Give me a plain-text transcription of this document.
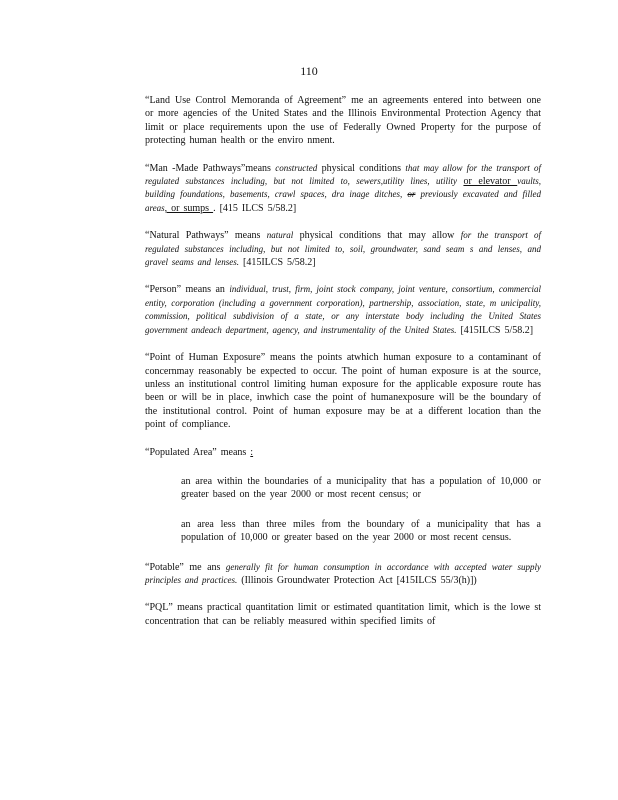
110

“Land Use Control Memoranda of Agreement” me an agreements entered into between one or more agencies of the United States and the Illinois Environmental Protection Agency that limit or place requirements upon the use of Federally Owned Property for the purpose of protecting human health or the enviro nment.

“Man -Made Pathways”means constructed physical conditions that may allow for the transport of regulated substances including, but not limited to, sewers,utility lines, utility or elevator vaults, building foundations, basements, crawl spaces, dra inage ditches, or previously excavated and filled areas, or sumps . [415 ILCS 5/58.2]

“Natural Pathways” means natural physical conditions that may allow for the transport of regulated substances including, but not limited to, soil, groundwater, sand seam s and lenses, and gravel seams and lenses. [415ILCS 5/58.2]

“Person” means an individual, trust, firm, joint stock company, joint venture, consortium, commercial entity, corporation (including a government corporation), partnership, association, state, m unicipality, commission, political subdivision of a state, or any interstate body including the United States government andeach department, agency, and instrumentality of the United States. [415ILCS 5/58.2]

“Point of Human Exposure” means the points atwhich human exposure to a contaminant of concernmay reasonably be expected to occur. The point of human exposure is at the source, unless an institutional control limiting human exposure for the applicable exposure route has been or will be in place, inwhich case the point of humanexposure will be the boundary of the institutional control. Point of human exposure may be at a different location than the point of compliance.

“Populated Area” means :

an area within the boundaries of a municipality that has a population of 10,000 or greater based on the year 2000 or most recent census; or
an area less than three miles from the boundary of a municipality that has a population of 10,000 or greater based on the year 2000 or most recent census.

“Potable” me ans generally fit for human consumption in accordance with accepted water supply principles and practices. (Illinois Groundwater Protection Act [415ILCS 55/3(h)])

“PQL” means practical quantitation limit or estimated quantitation limit, which is the lowe st concentration that can be reliably measured within specified limits of
